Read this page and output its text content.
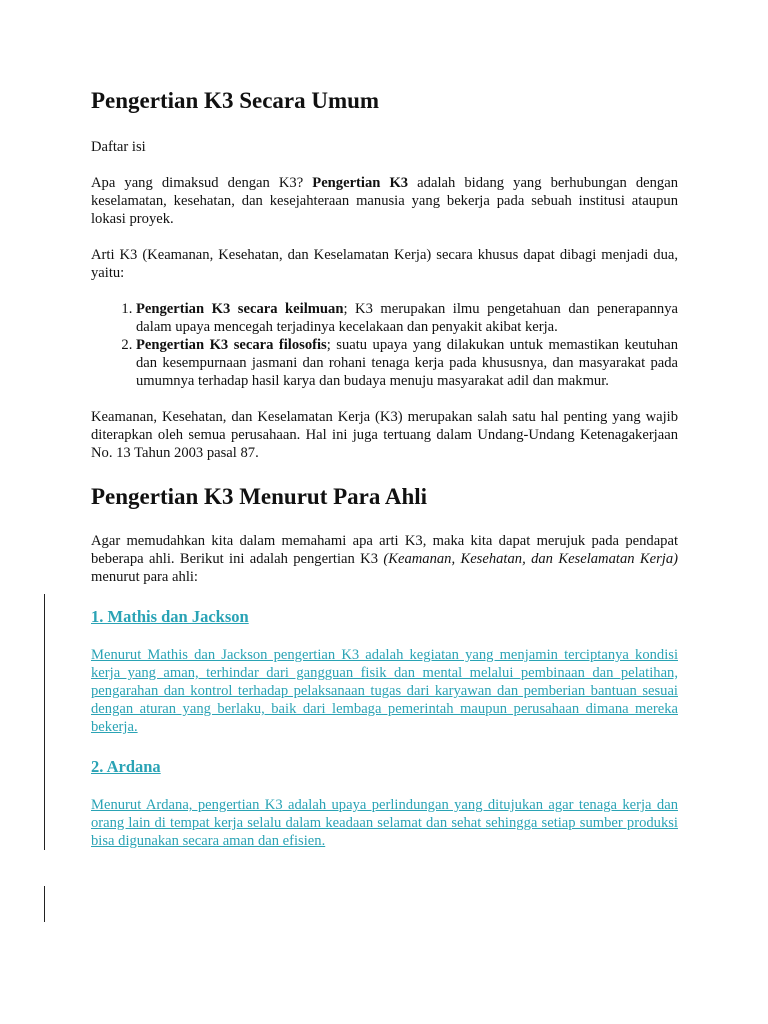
Pengertian K3 Secara Umum

Daftar isi

Apa yang dimaksud dengan K3? Pengertian K3 adalah bidang yang berhubungan dengan keselamatan, kesehatan, dan kesejahteraan manusia yang bekerja pada sebuah institusi ataupun lokasi proyek.

Arti K3 (Keamanan, Kesehatan, dan Keselamatan Kerja) secara khusus dapat dibagi menjadi dua, yaitu:

1. Pengertian K3 secara keilmuan; K3 merupakan ilmu pengetahuan dan penerapannya dalam upaya mencegah terjadinya kecelakaan dan penyakit akibat kerja.
2. Pengertian K3 secara filosofis; suatu upaya yang dilakukan untuk memastikan keutuhan dan kesempurnaan jasmani dan rohani tenaga kerja pada khususnya, dan masyarakat pada umumnya terhadap hasil karya dan budaya menuju masyarakat adil dan makmur.

Keamanan, Kesehatan, dan Keselamatan Kerja (K3) merupakan salah satu hal penting yang wajib diterapkan oleh semua perusahaan. Hal ini juga tertuang dalam Undang-Undang Ketenagakerjaan No. 13 Tahun 2003 pasal 87.

Pengertian K3 Menurut Para Ahli

Agar memudahkan kita dalam memahami apa arti K3, maka kita dapat merujuk pada pendapat beberapa ahli. Berikut ini adalah pengertian K3 (Keamanan, Kesehatan, dan Keselamatan Kerja) menurut para ahli:

1. Mathis dan Jackson

Menurut Mathis dan Jackson pengertian K3 adalah kegiatan yang menjamin terciptanya kondisi kerja yang aman, terhindar dari gangguan fisik dan mental melalui pembinaan dan pelatihan, pengarahan dan kontrol terhadap pelaksanaan tugas dari karyawan dan pemberian bantuan sesuai dengan aturan yang berlaku, baik dari lembaga pemerintah maupun perusahaan dimana mereka bekerja.

2. Ardana

Menurut Ardana, pengertian K3 adalah upaya perlindungan yang ditujukan agar tenaga kerja dan orang lain di tempat kerja selalu dalam keadaan selamat dan sehat sehingga setiap sumber produksi bisa digunakan secara aman dan efisien.
